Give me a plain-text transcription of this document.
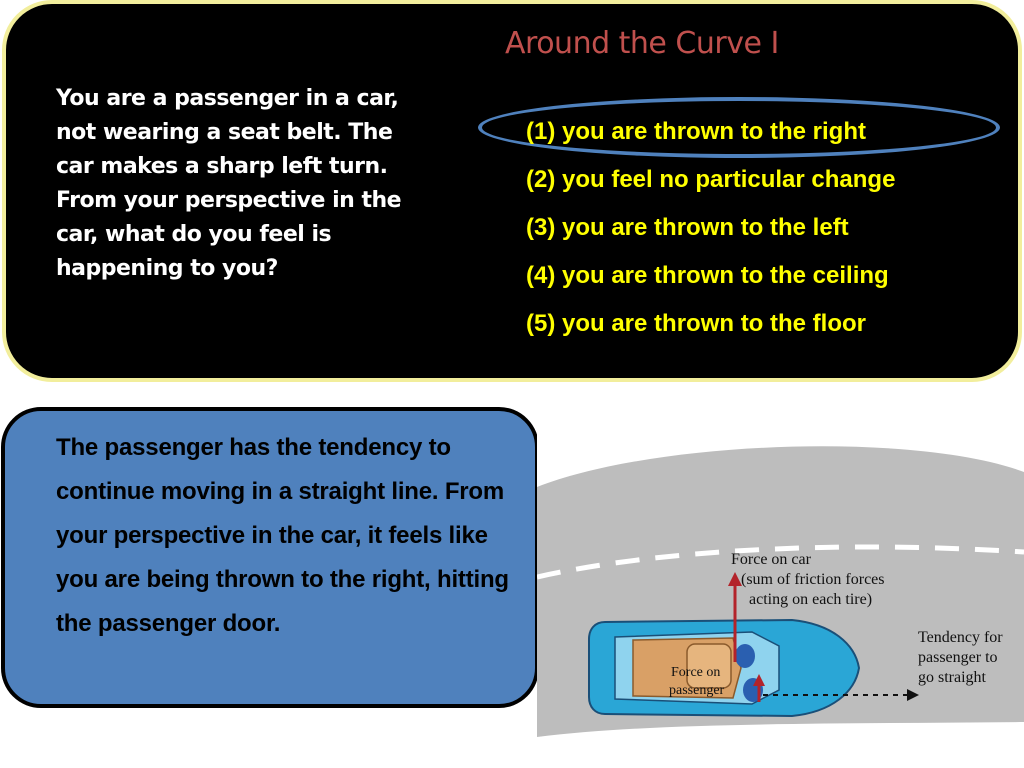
Around the Curve I
You are a passenger in a car, not wearing a seat belt. The car makes a sharp left turn. From your perspective in the car, what do you feel is happening to you?
(1) you are thrown to the right
(2) you feel no particular change
(3) you are thrown to the left
(4) you are thrown to the ceiling
(5) you are thrown to the floor
The passenger has the tendency to continue moving in a straight line. From your perspective in the car, it feels like you are being thrown to the right, hitting the passenger door.
Force on car
(sum of friction forces
acting on each tire)
Tendency for
passenger to
go straight
Force on
passenger
